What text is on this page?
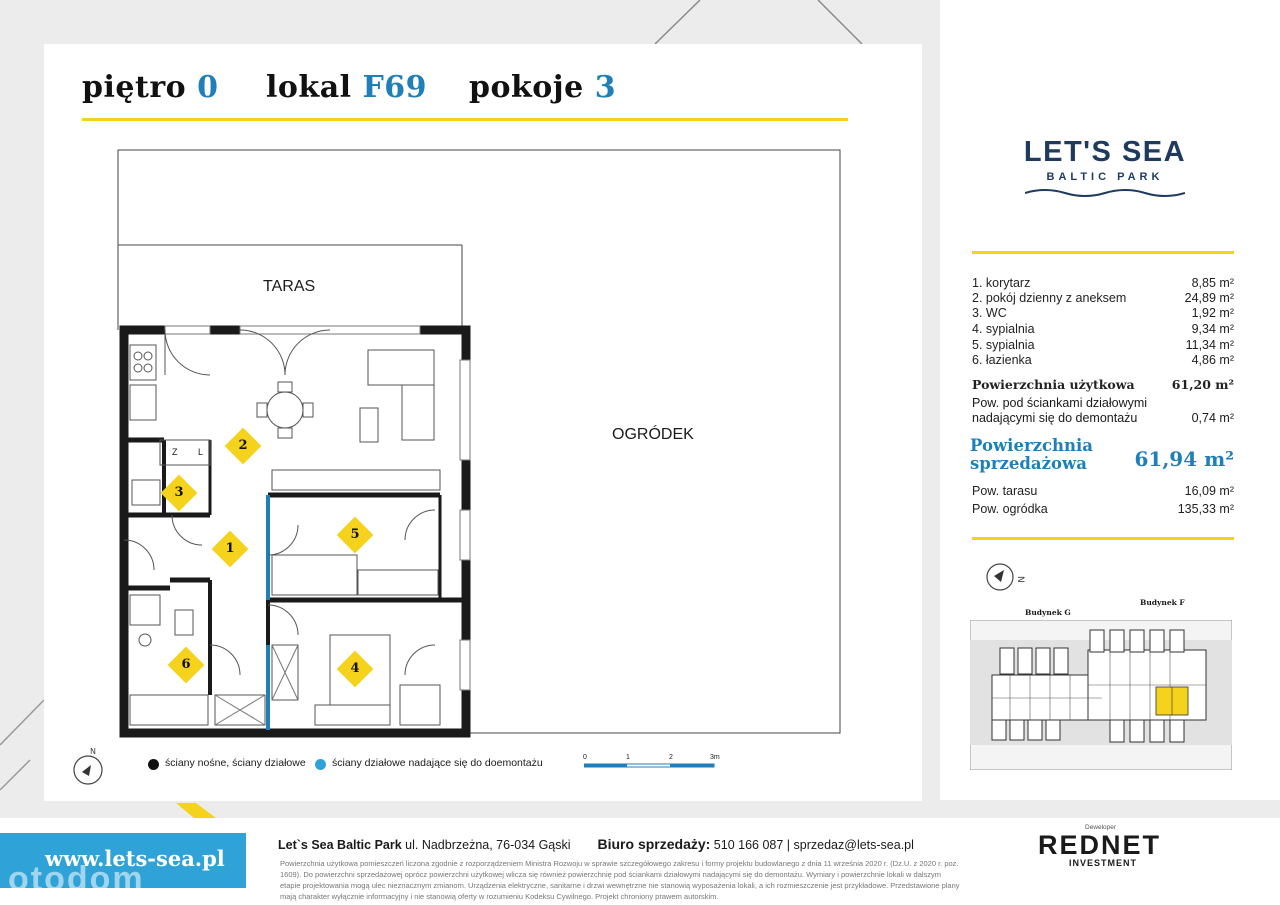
piętro 0 lokal F69 pokoje 3
TARAS
OGRÓDEK
Z L	2
3
1
5
6	4
N
ściany nośne, ściany działowe	ściany działowe nadające się do doemontażu	0	1	2	3m
LET'S SEA
BALTIC PARK
1. korytarz	8,85 m²
2. pokój dzienny z aneksem	24,89 m²
3. WC	1,92 m²
4. sypialnia	9,34 m²
5. sypialnia	11,34 m²
6. łazienka	4,86 m²
Powierzchnia użytkowa	61,20 m²
Pow. pod ściankami działowymi
nadającymi się do demontażu	0,74 m²
Powierzchnia
sprzedażowa	61,94 m²
Pow. tarasu	16,09 m²
Pow. ogródka	135,33 m²
N
Budynek G
Budynek F
www.lets-sea.pl
otodom
Let`s Sea Baltic Park ul. Nadbrzeżna, 76-034 Gąski Biuro sprzedaży: 510 166 087 | sprzedaz@lets-sea.pl
Powierzchnia użytkowa pomieszczeń liczona zgodnie z rozporządzeniem Ministra Rozwoju w sprawie szczegółowego zakresu i formy projektu budowlanego z dnia 11 września 2020 r. (Dz.U. z 2020 r. poz. 1609). Do powierzchni sprzedażowej oprócz powierzchni użytkowej wlicza się również powierzchnię pod ściankami działowymi nadającymi się do demontażu. Wymiary i powierzchnie lokali w dalszym etapie projektowania mogą ulec nieznacznym zmianom. Urządzenia elektryczne, sanitarne i drzwi wewnętrzne nie stanowią wyposażenia lokali, a ich rozmieszczenie jest przykładowe. Przedstawione plany mają charakter wyłącznie informacyjny i nie stanowią oferty w rozumieniu Kodeksu Cywilnego. Projekt chroniony prawem autorskim.
Deweloper
REDNET
INVESTMENT
